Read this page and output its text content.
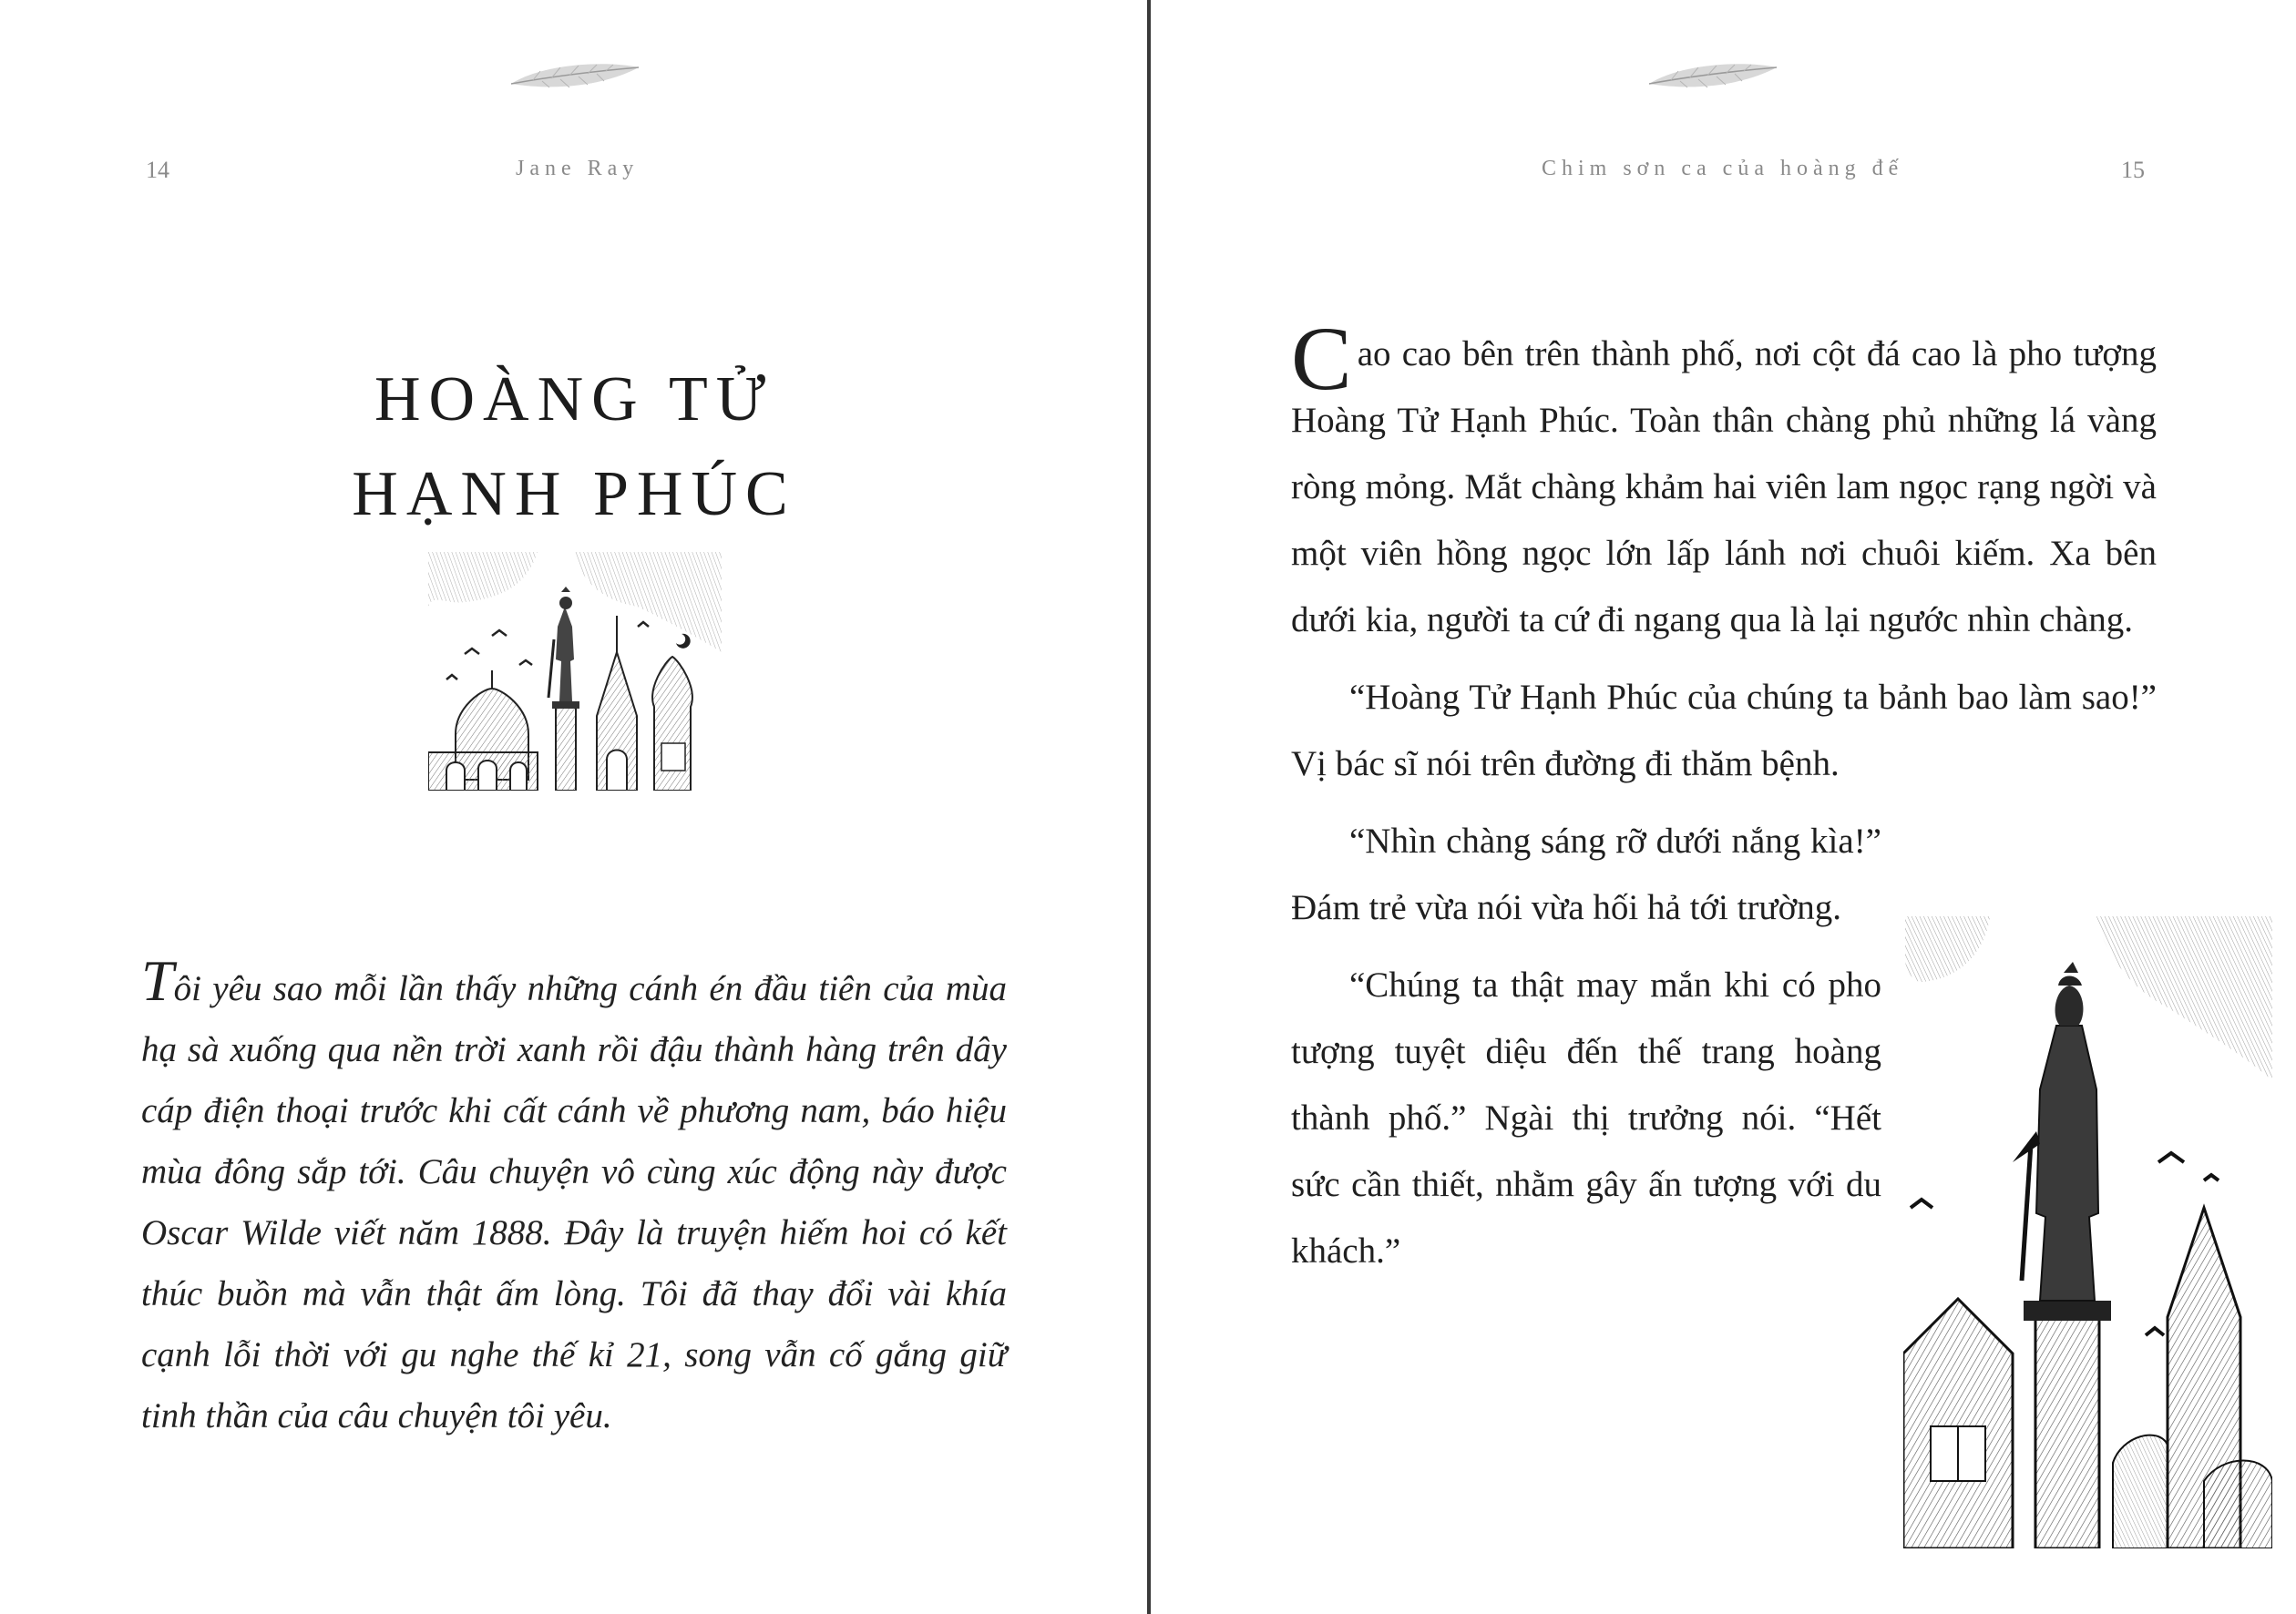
14	Jane Ray
HOÀNG TỬ
HẠNH PHÚC

Tôi yêu sao mỗi lần thấy những cánh én đầu tiên của mùa hạ sà xuống qua nền trời xanh rồi đậu thành hàng trên dây cáp điện thoại trước khi cất cánh về phương nam, báo hiệu mùa đông sắp tới. Câu chuyện vô cùng xúc động này được Oscar Wilde viết năm 1888. Đây là truyện hiếm hoi có kết thúc buồn mà vẫn thật ấm lòng. Tôi đã thay đổi vài khía cạnh lỗi thời với gu nghe thế kỉ 21, song vẫn cố gắng giữ tinh thần của câu chuyện tôi yêu.

Chim sơn ca của hoàng đế	15

Cao cao bên trên thành phố, nơi cột đá cao là pho tượng Hoàng Tử Hạnh Phúc. Toàn thân chàng phủ những lá vàng ròng mỏng. Mắt chàng khảm hai viên lam ngọc rạng ngời và một viên hồng ngọc lớn lấp lánh nơi chuôi kiếm. Xa bên dưới kia, người ta cứ đi ngang qua là lại ngước nhìn chàng.

“Hoàng Tử Hạnh Phúc của chúng ta bảnh bao làm sao!” Vị bác sĩ nói trên đường đi thăm bệnh.

“Nhìn chàng sáng rỡ dưới nắng kìa!” Đám trẻ vừa nói vừa hối hả tới trường.

“Chúng ta thật may mắn khi có pho tượng tuyệt diệu đến thế trang hoàng thành phố.” Ngài thị trưởng nói. “Hết sức cần thiết, nhằm gây ấn tượng với du khách.”
